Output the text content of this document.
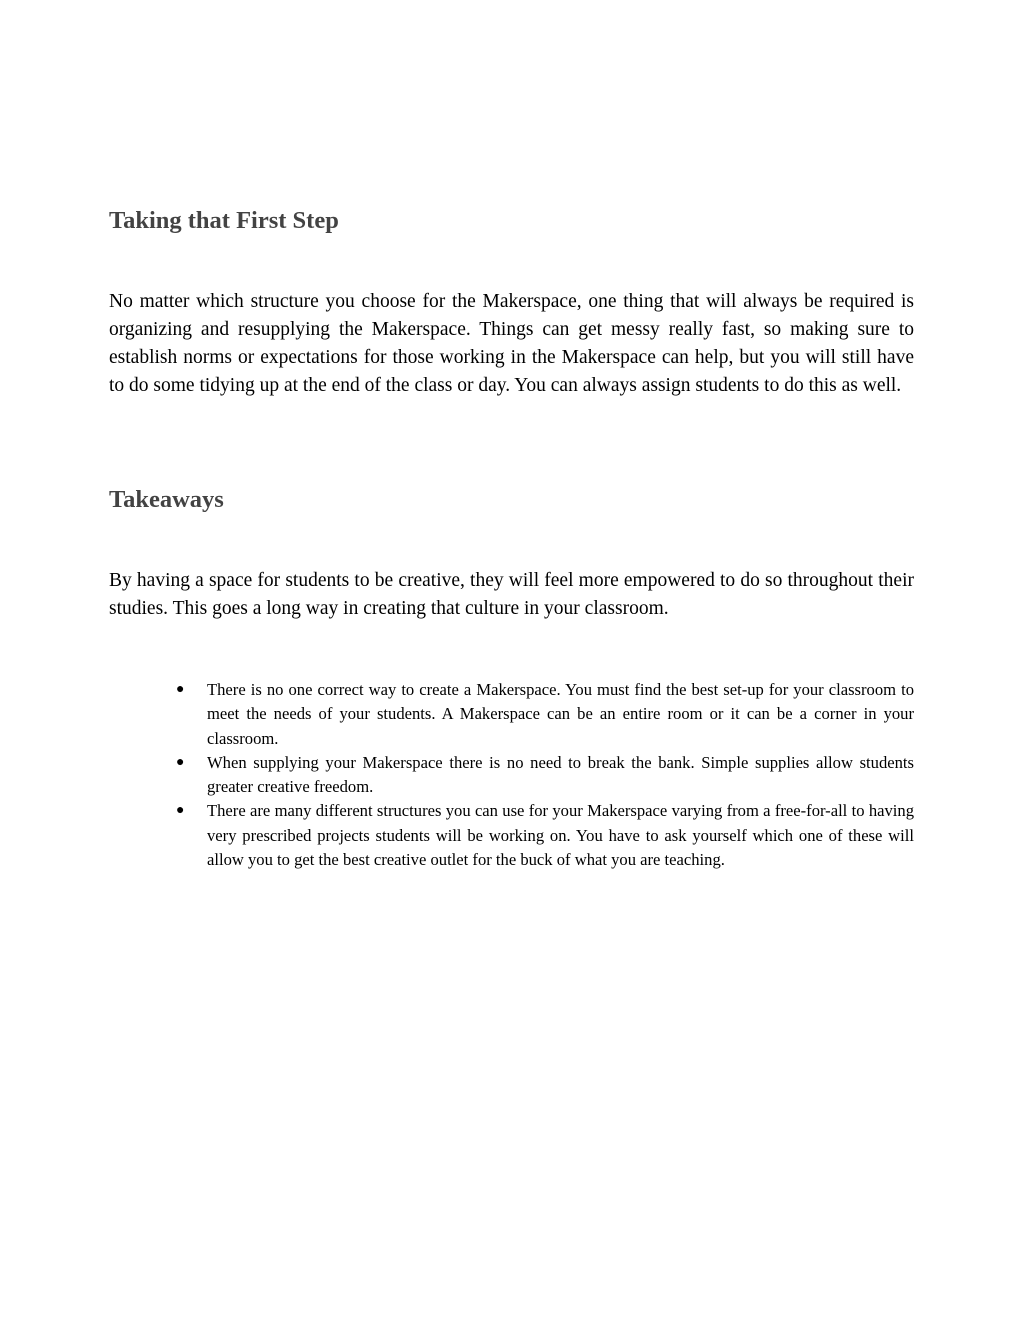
Taking that First Step

No matter which structure you choose for the Makerspace, one thing that will always be required is organizing and resupplying the Makerspace. Things can get messy really fast, so making sure to establish norms or expectations for those working in the Makerspace can help, but you will still have to do some tidying up at the end of the class or day. You can always assign students to do this as well.

Takeaways

By having a space for students to be creative, they will feel more empowered to do so throughout their studies. This goes a long way in creating that culture in your classroom.

● There is no one correct way to create a Makerspace. You must find the best set-up for your classroom to meet the needs of your students. A Makerspace can be an entire room or it can be a corner in your classroom.
● When supplying your Makerspace there is no need to break the bank. Simple supplies allow students greater creative freedom.
● There are many different structures you can use for your Makerspace varying from a free-for-all to having very prescribed projects students will be working on. You have to ask yourself which one of these will allow you to get the best creative outlet for the buck of what you are teaching.
